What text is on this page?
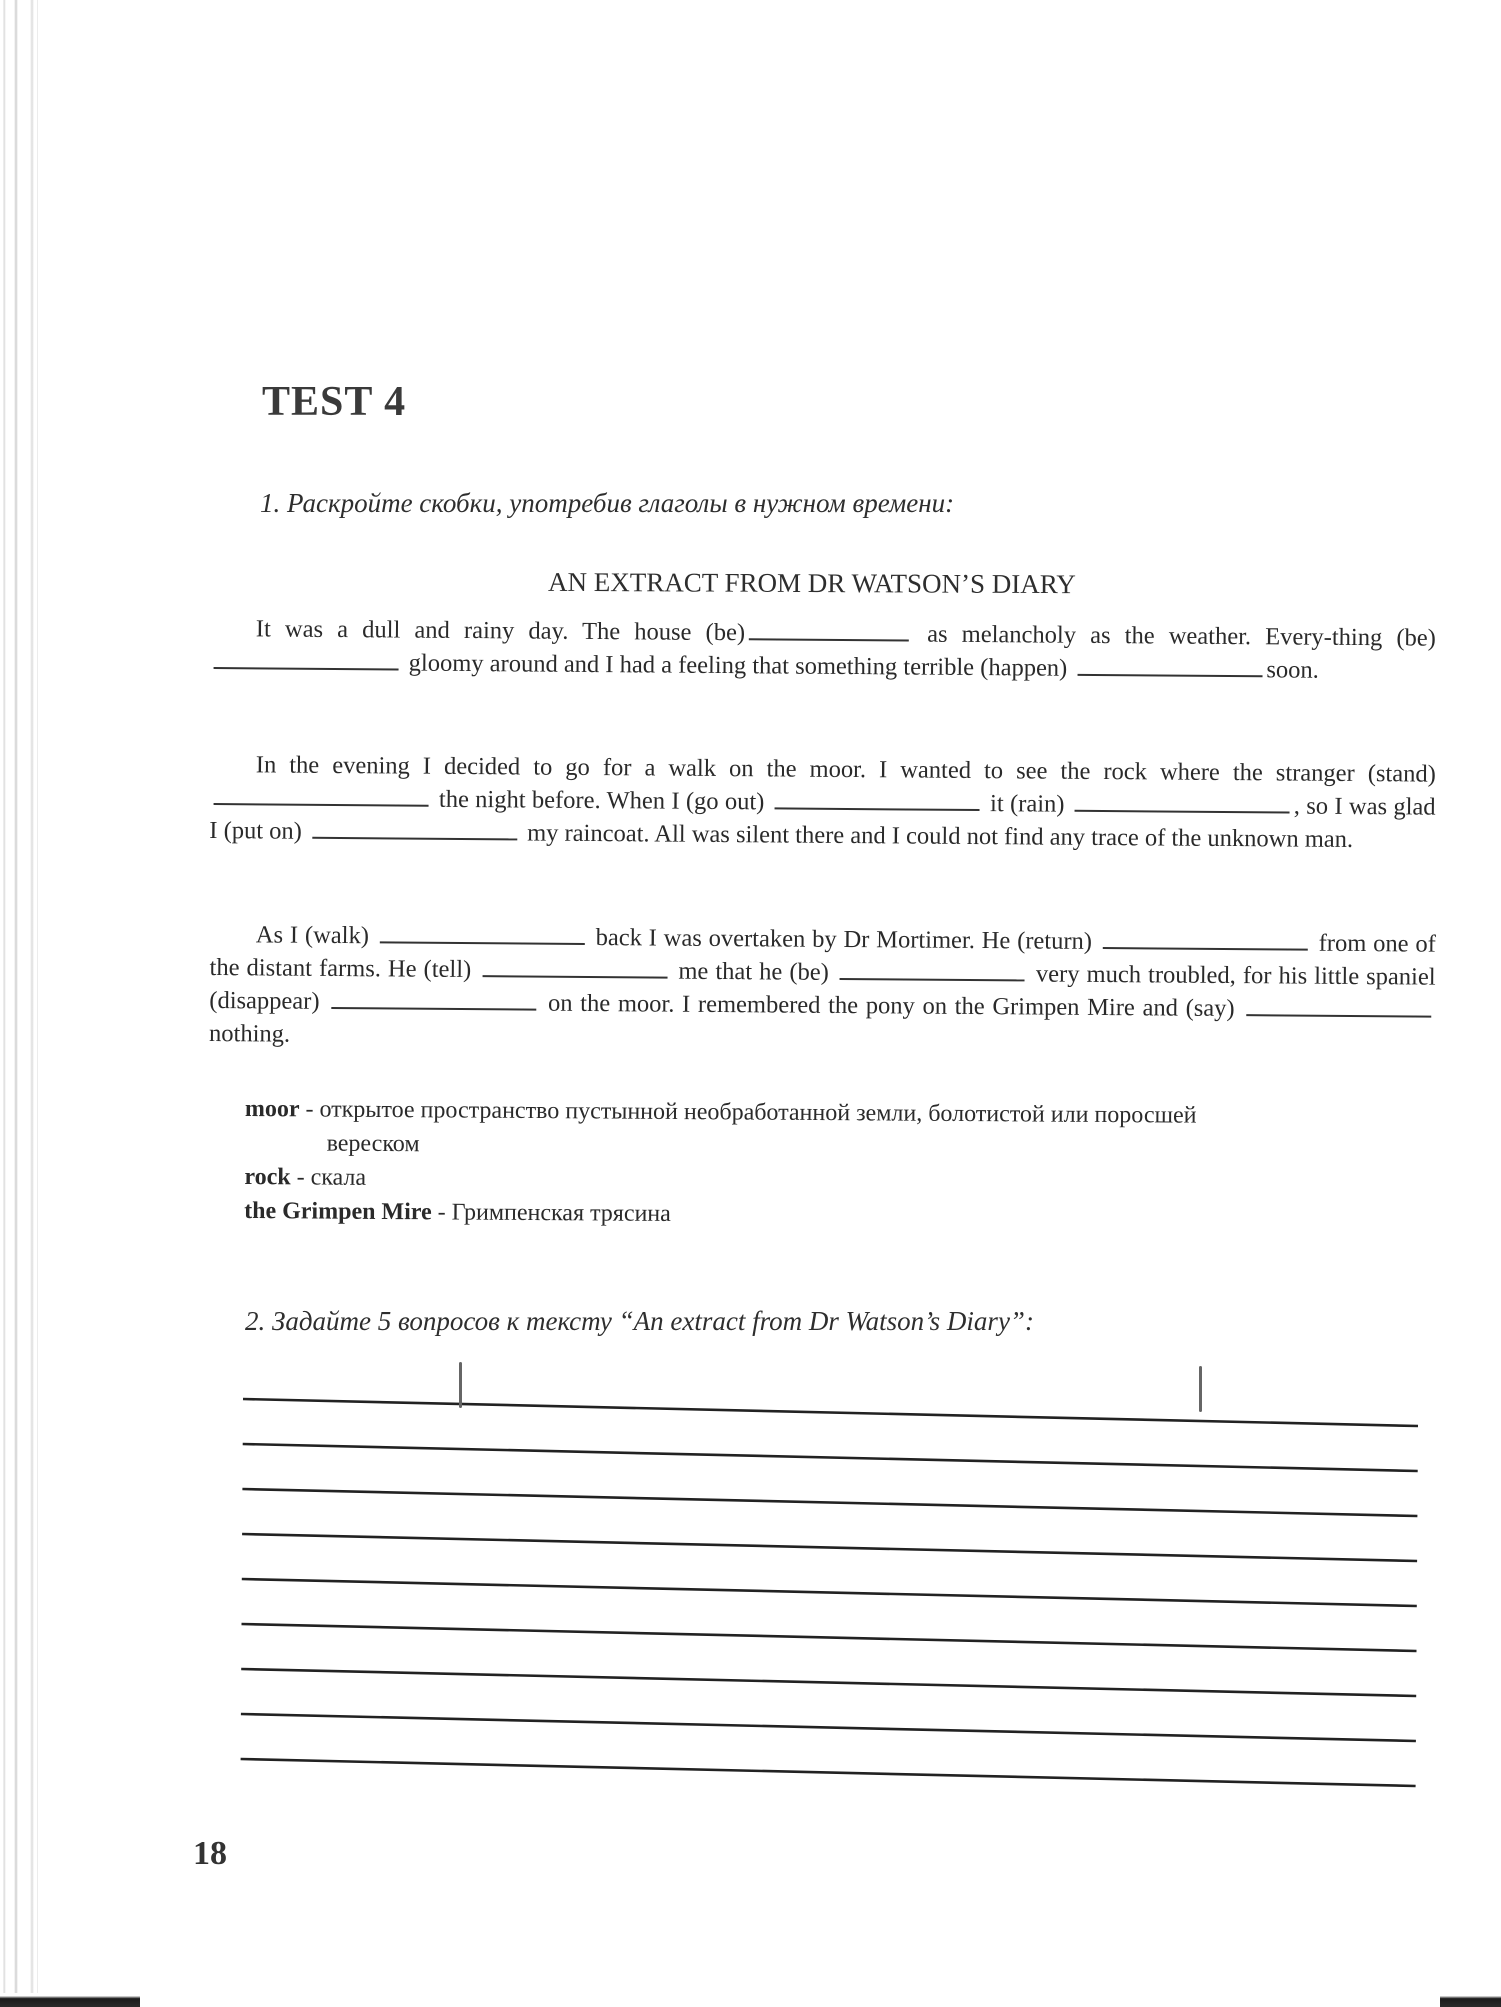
TEST 4
1. Раскройте скобки, употребив глаголы в нужном времени:
AN EXTRACT FROM DR WATSON’S DIARY
It was a dull and rainy day. The house (be)	as melancholy as the weather. Every-thing (be)  gloomy around and I had a feeling that something terrible (happen)	soon.
In the evening I decided to go for a walk on the moor. I wanted to see the rock where the stranger (stand)  the night before. When I (go out)	it (rain)	, so I was glad I (put on)	my raincoat. All was silent there and I could not find any trace of the unknown man.
As I (walk)	back I was overtaken by Dr Mortimer. He (return)	from one of the distant farms. He (tell)	me that he (be)	very much troubled, for his little spaniel (disappear)	on the moor. I remembered the pony on the Grimpen Mire and (say)  nothing.
moor - открытое пространство пустынной необработанной земли, болотистой или поросшей
вереском
rock - скала
the Grimpen Mire - Гримпенская трясина
2. Задайте 5 вопросов к тексту “An extract from Dr Watson’s Diary”:
18
